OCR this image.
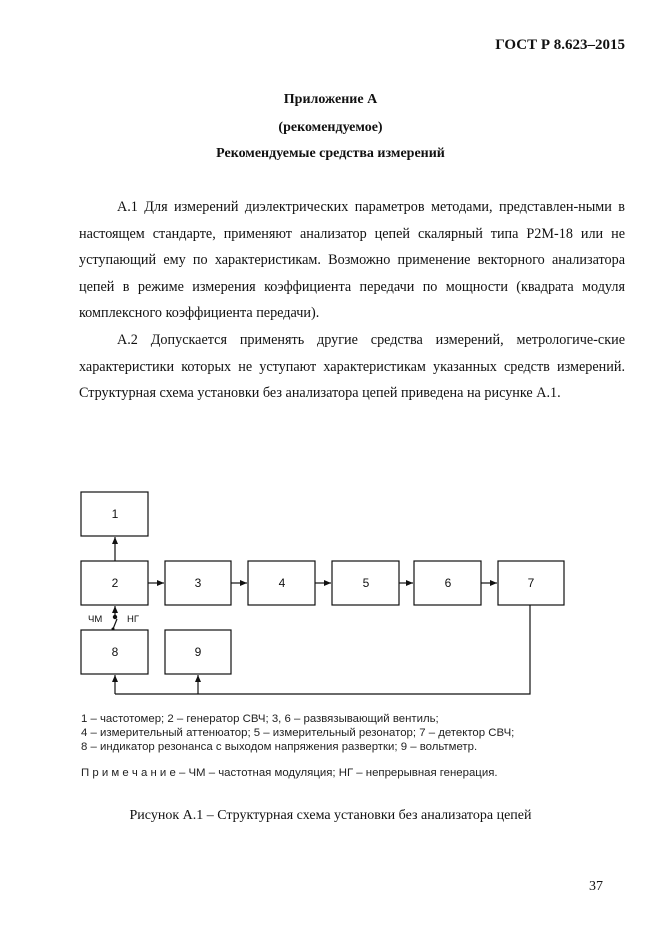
ГОСТ Р 8.623–2015
Приложение А
(рекомендуемое)
Рекомендуемые средства измерений

А.1 Для измерений диэлектрических параметров методами, представлен-ными в настоящем стандарте, применяют анализатор цепей скалярный типа Р2М-18 или не уступающий ему по характеристикам. Возможно применение векторного анализатора цепей в режиме измерения коэффициента передачи по мощности (квадрата модуля комплексного коэффициента передачи).

А.2 Допускается применять другие средства измерений, метрологиче-ские характеристики которых не уступают характеристикам указанных средств измерений. Структурная схема установки без анализатора цепей приведена на рисунке А.1.

1
2	3	4	5	6	7
8	9
ЧМ	НГ
1 – частотомер; 2 – генератор СВЧ; 3, 6 – развязывающий вентиль;
4 – измерительный аттенюатор; 5 – измерительный резонатор; 7 – детектор СВЧ;
8 – индикатор резонанса с выходом напряжения развертки; 9 – вольтметр.
П р и м е ч а н и е – ЧМ – частотная модуляция; НГ – непрерывная генерация.
Рисунок А.1 – Структурная схема установки без анализатора цепей
37
